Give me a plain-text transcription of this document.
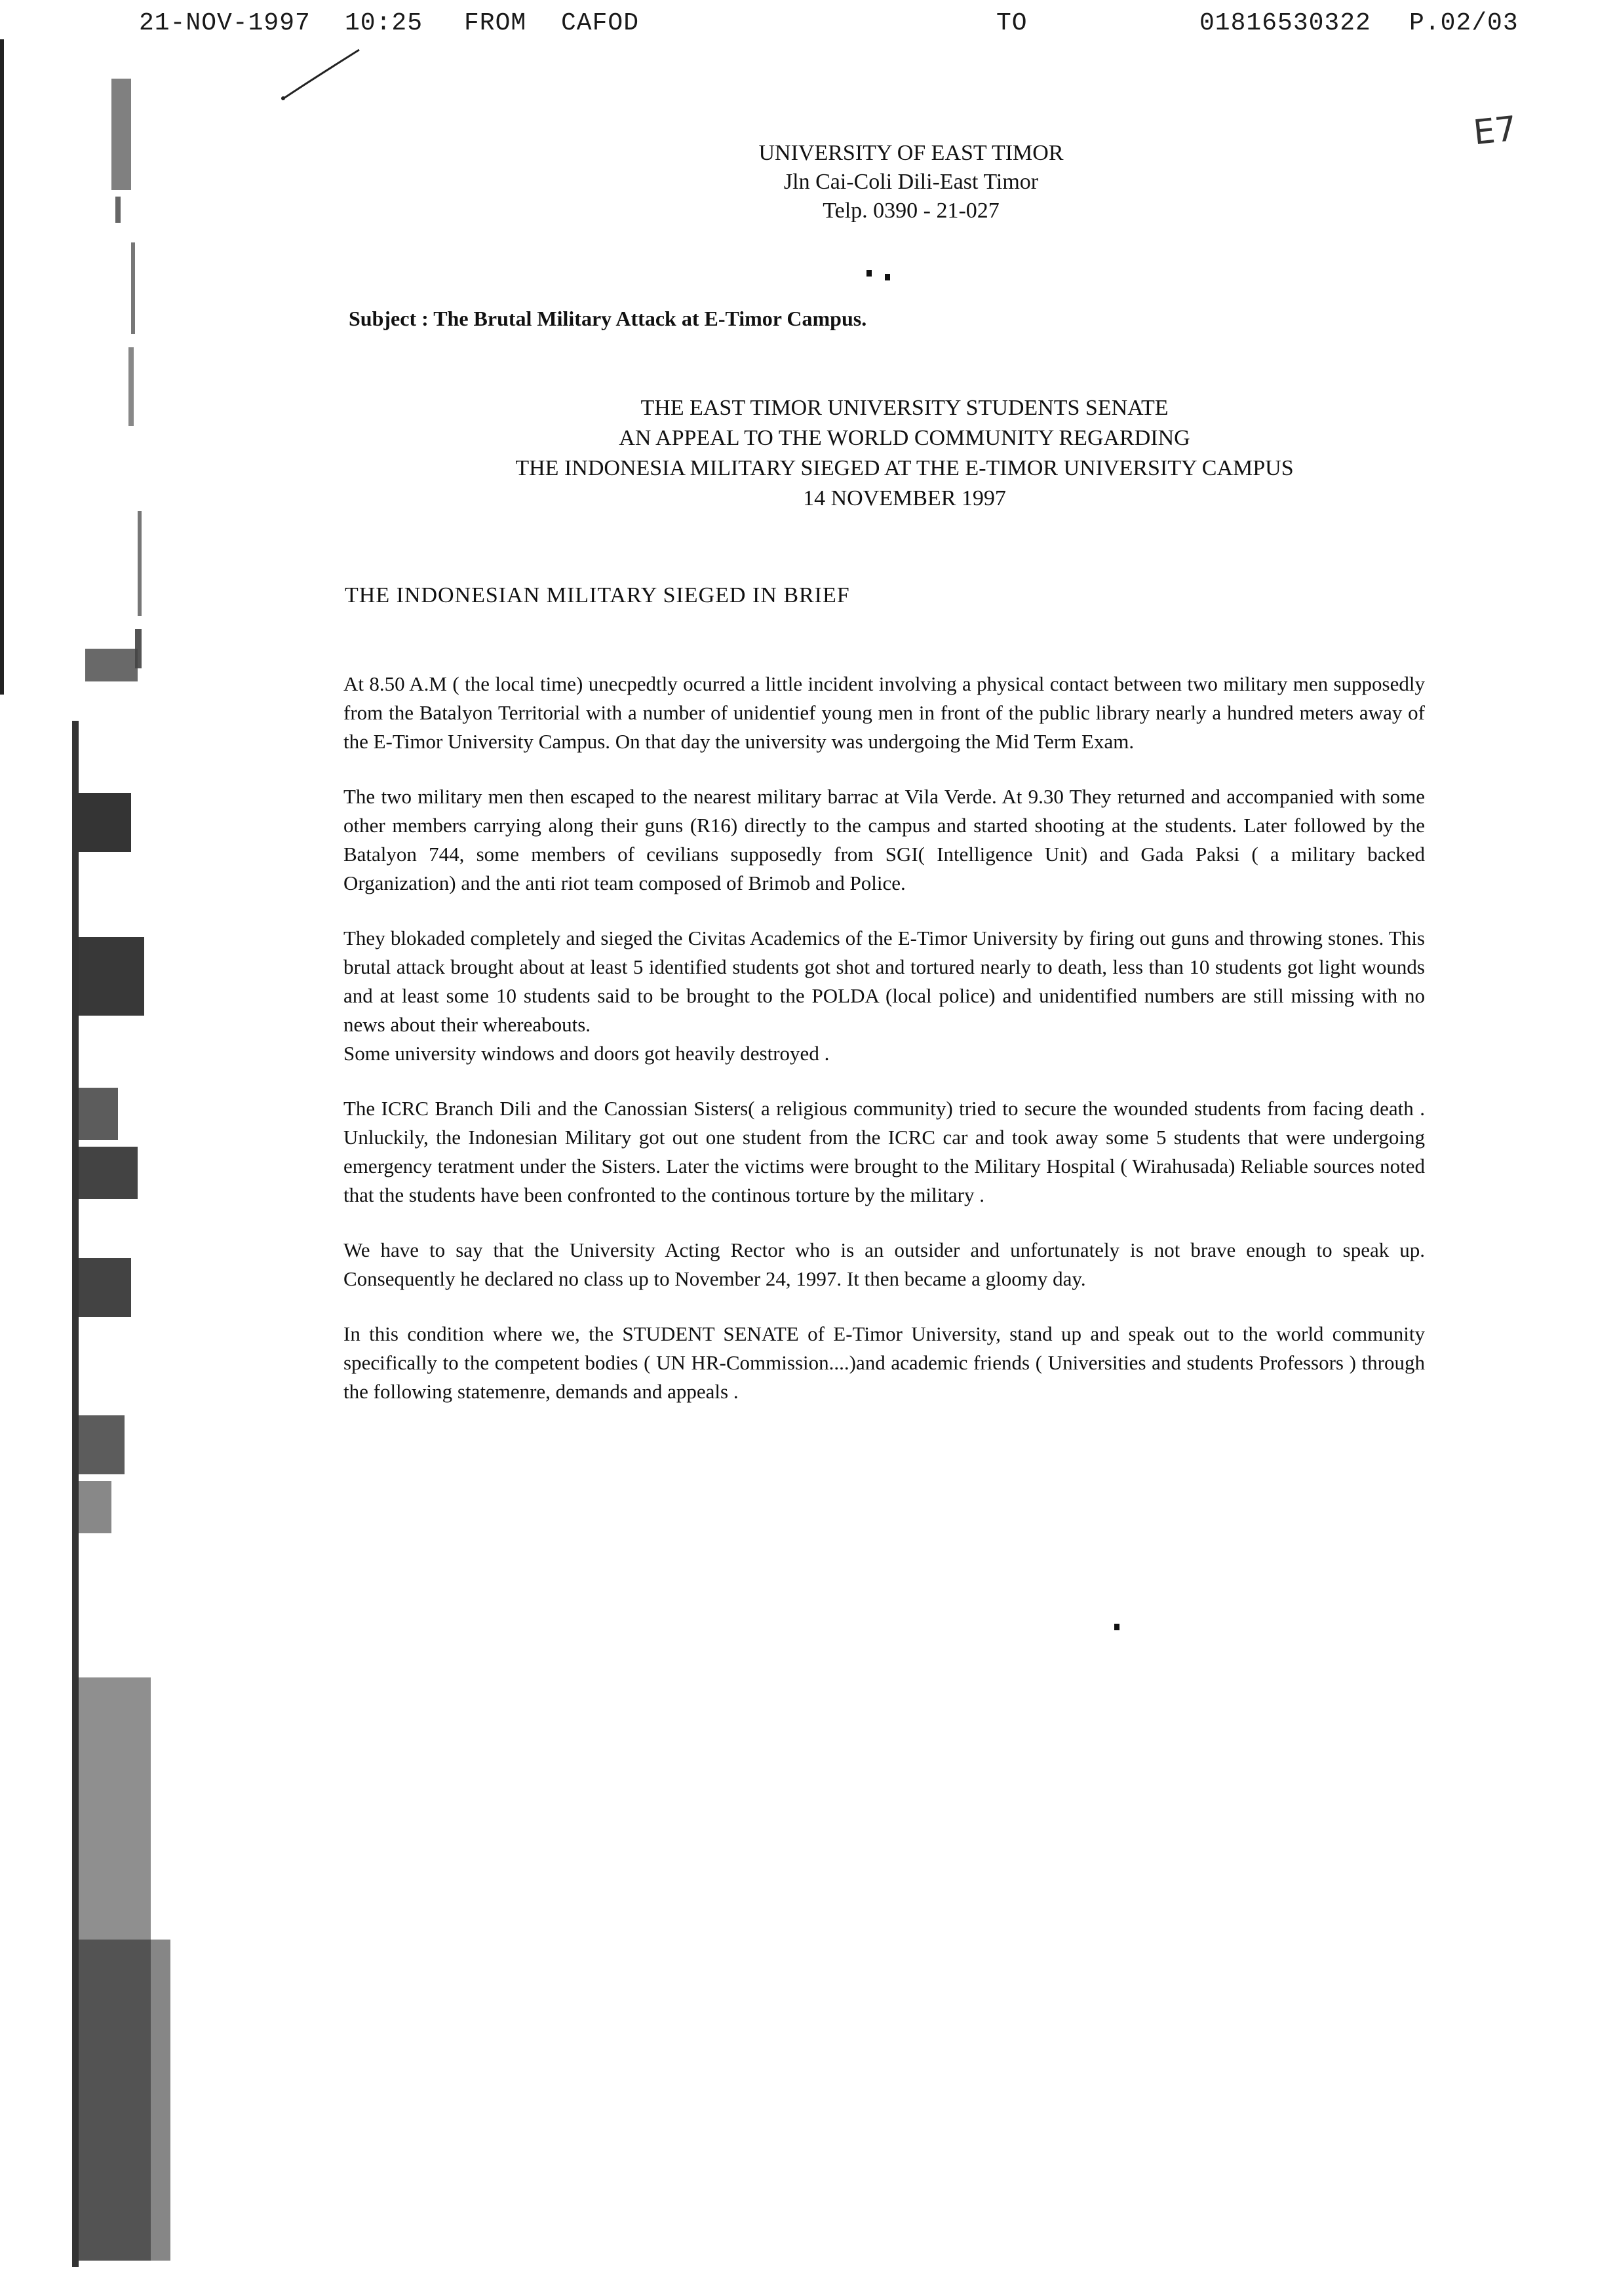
21-NOV-1997 10:25 FROM CAFOD	TO	01816530322 P.02/03
E7
UNIVERSITY OF EAST TIMOR
Jln Cai-Coli Dili-East Timor
Telp. 0390 - 21-027
Subject : The Brutal Military Attack at E-Timor Campus.
THE EAST TIMOR UNIVERSITY STUDENTS SENATE
AN APPEAL TO THE WORLD COMMUNITY REGARDING
THE INDONESIA MILITARY SIEGED AT THE E-TIMOR UNIVERSITY CAMPUS
14 NOVEMBER 1997
THE INDONESIAN MILITARY SIEGED IN BRIEF

At 8.50 A.M ( the local time) unecpedtly ocurred a little incident involving a physical contact between two military men supposedly from the Batalyon Territorial with a number of unidentief young men in front of the public library nearly a hundred meters away of the E-Timor University Campus. On that day the university was undergoing the Mid Term Exam.

The two military men then escaped to the nearest military barrac at Vila Verde. At 9.30 They returned and accompanied with some other members carrying along their guns (R16) directly to the campus and started shooting at the students. Later followed by the Batalyon 744, some members of cevilians supposedly from SGI( Intelligence Unit) and Gada Paksi ( a military backed Organization) and the anti riot team composed of Brimob and Police.

They blokaded completely and sieged the Civitas Academics of the E-Timor University by firing out guns and throwing stones. This brutal attack brought about at least 5 identified students got shot and tortured nearly to death, less than 10 students got light wounds and at least some 10 students said to be brought to the POLDA (local police) and unidentified numbers are still missing with no news about their whereabouts.

Some university windows and doors got heavily destroyed .

The ICRC Branch Dili and the Canossian Sisters( a religious community) tried to secure the wounded students from facing death . Unluckily, the Indonesian Military got out one student from the ICRC car and took away some 5 students that were undergoing emergency teratment under the Sisters. Later the victims were brought to the Military Hospital ( Wirahusada) Reliable sources noted that the students have been confronted to the continous torture by the military .

We have to say that the University Acting Rector who is an outsider and unfortunately is not brave enough to speak up. Consequently he declared no class up to November 24, 1997. It then became a gloomy day.

In this condition where we, the STUDENT SENATE of E-Timor University, stand up and speak out to the world community specifically to the competent bodies ( UN HR-Commission....)and academic friends ( Universities and students Professors ) through the following statemenre, demands and appeals .
